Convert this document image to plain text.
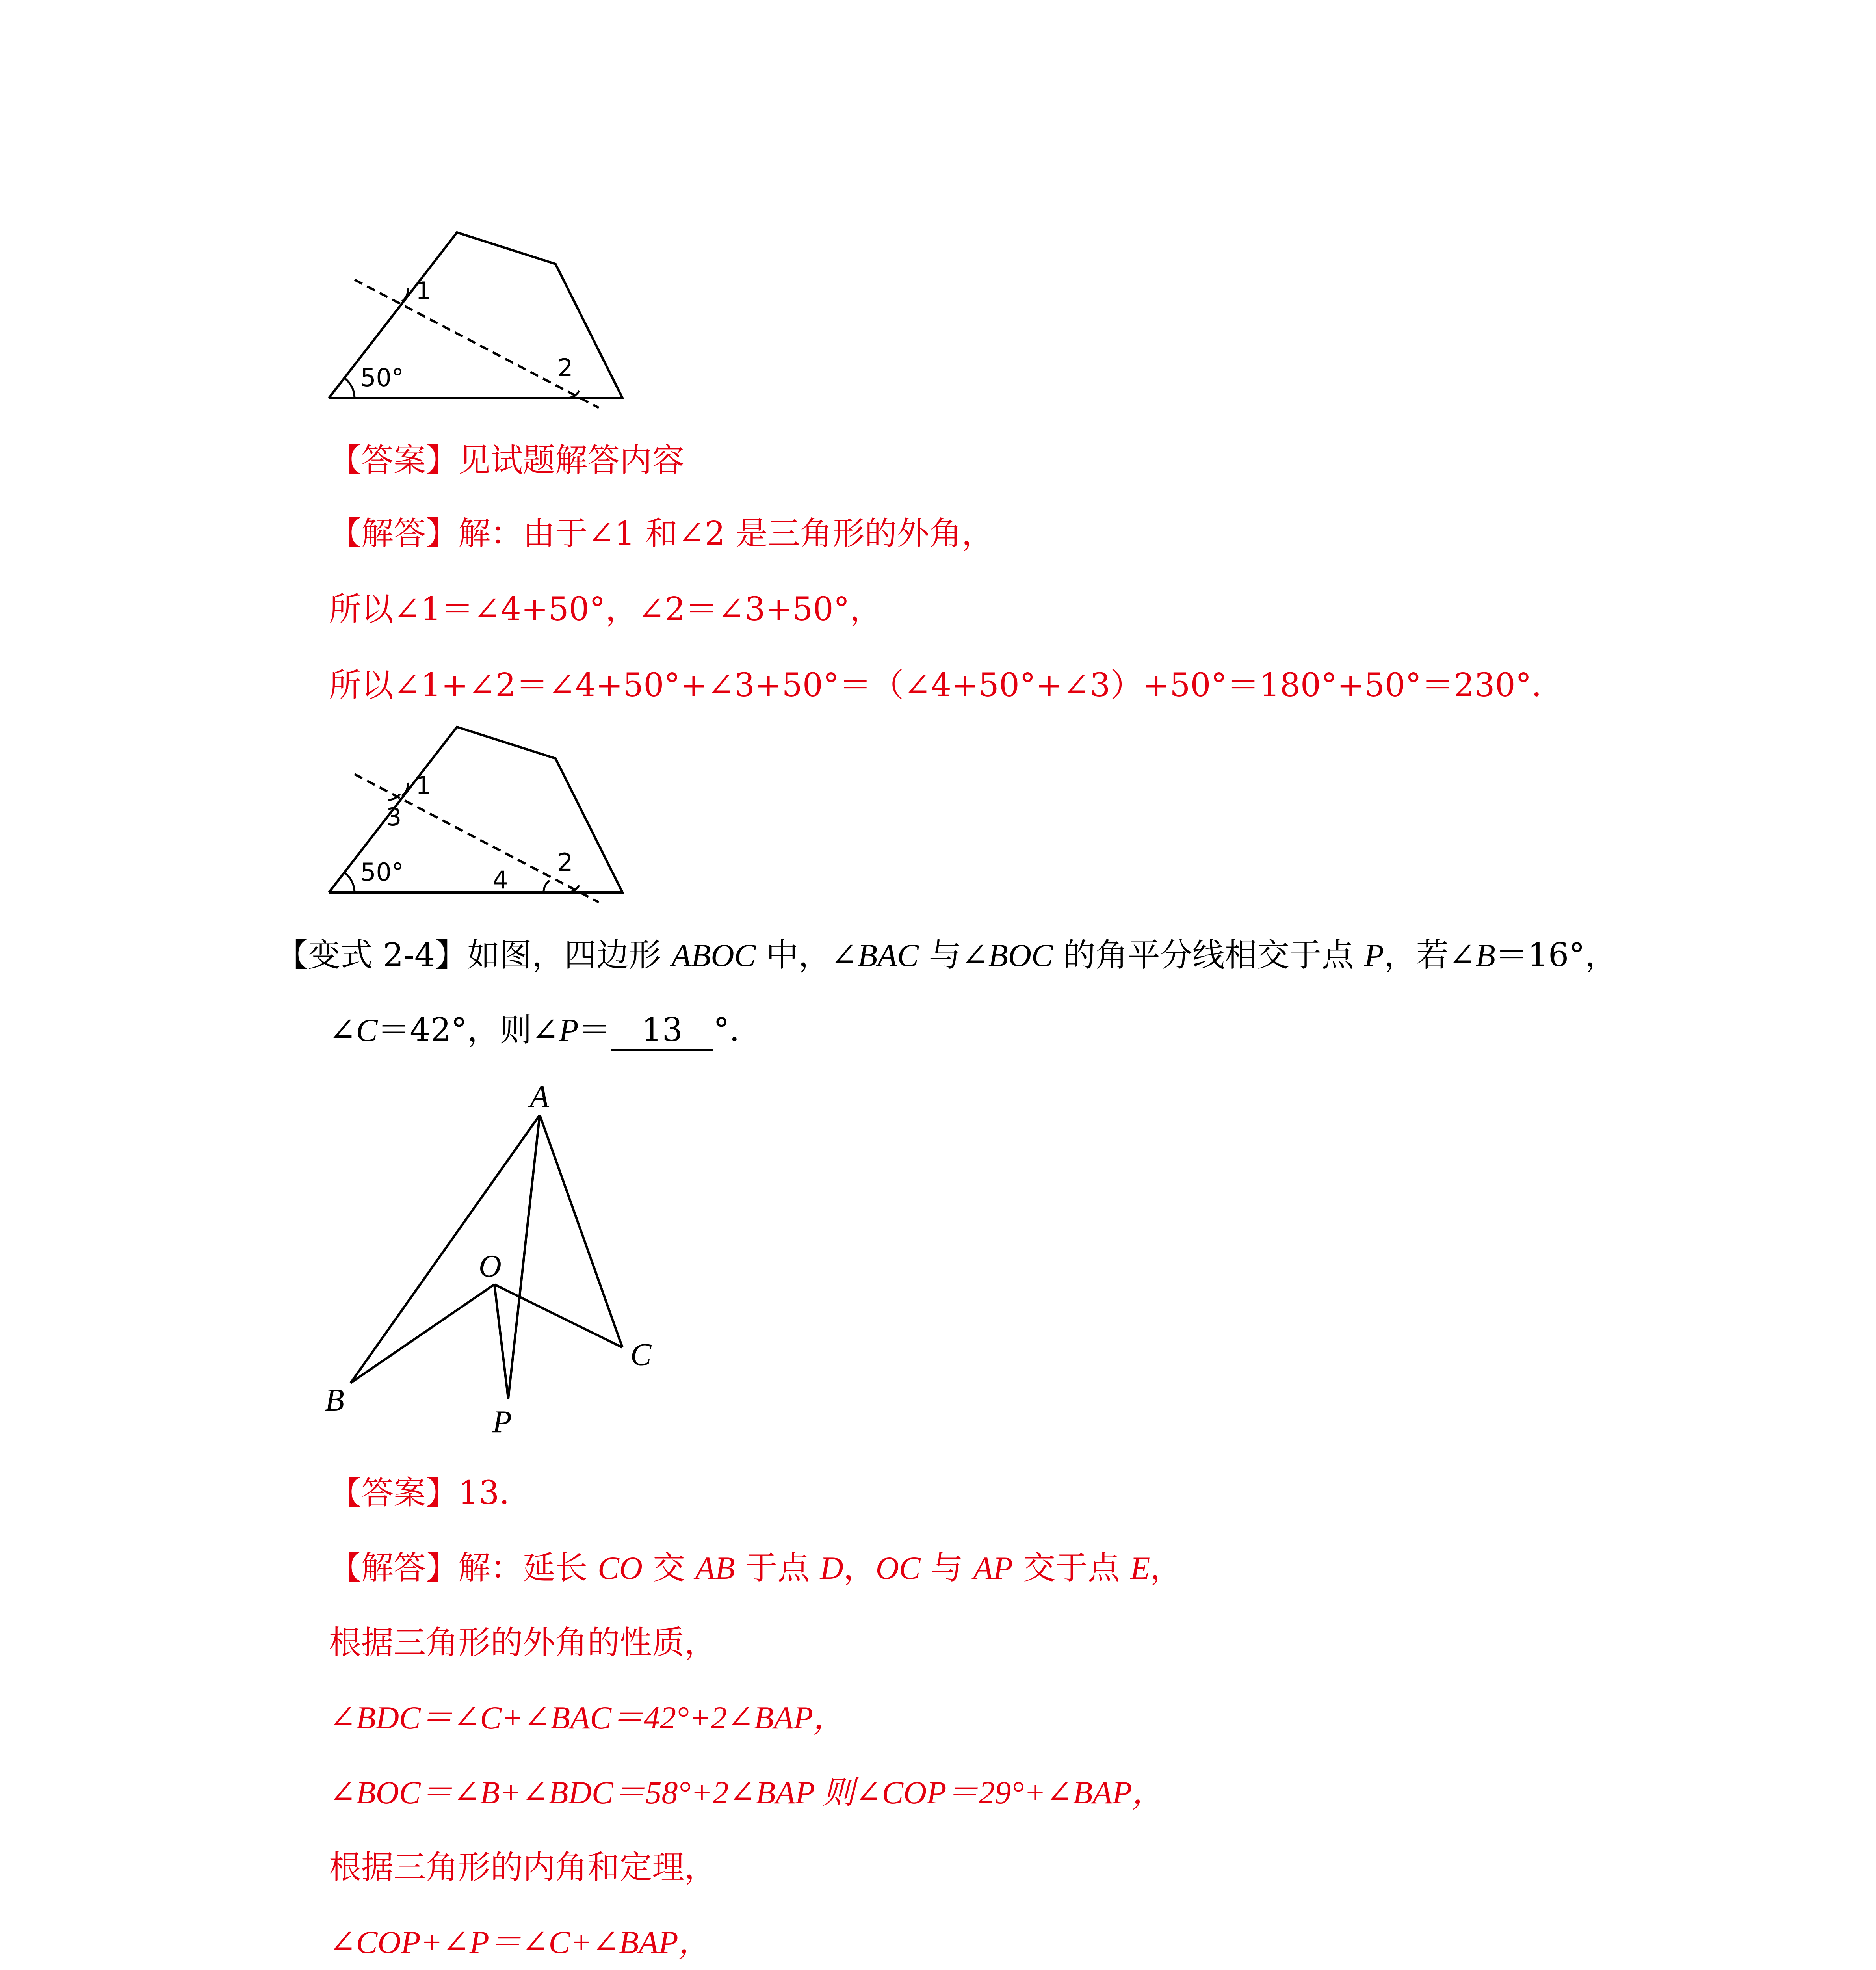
1
2
50°
【答案】见试题解答内容
【解答】解：由于∠1 和∠2 是三角形的外角，
所以∠1＝∠4+50°，∠2＝∠3+50°，
所以∠1+∠2＝∠4+50°+∠3+50°＝（∠4+50°+∠3）+50°＝180°+50°＝230°．
1
3
2
4
50°
【变式 2-4】如图，四边形 ABOC 中，∠BAC 与∠BOC 的角平分线相交于点 P，若∠B＝16°，
∠C＝42°，则∠P＝ 13 °．
A
O
C
B
P
【答案】13．
【解答】解：延长 CO 交 AB 于点 D，OC 与 AP 交于点 E，
根据三角形的外角的性质，
∠BDC＝∠C+∠BAC＝42°+2∠BAP，
∠BOC＝∠B+∠BDC＝58°+2∠BAP 则∠COP＝29°+∠BAP，
根据三角形的内角和定理，
∠COP+∠P＝∠C+∠BAP，
